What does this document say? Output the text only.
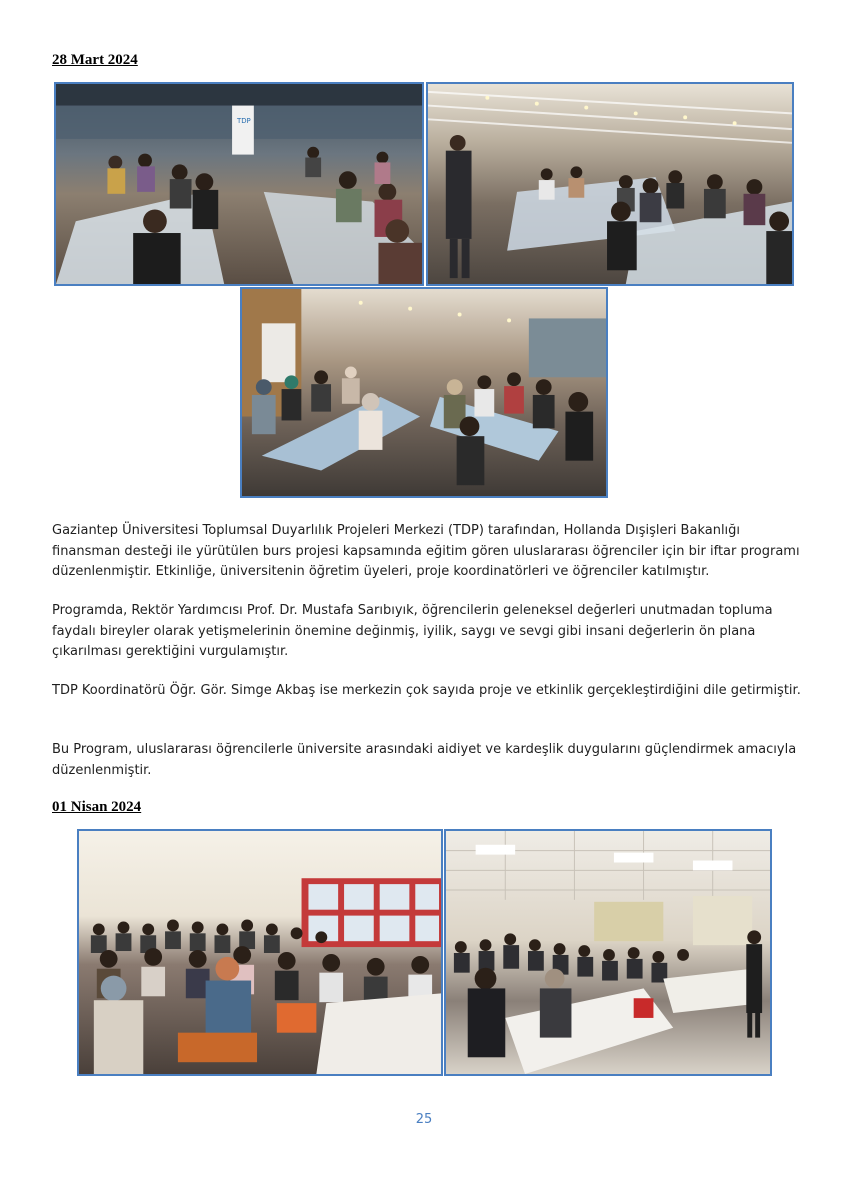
28 Mart 2024
TDP

Gaziantep Üniversitesi Toplumsal Duyarlılık Projeleri Merkezi (TDP) tarafından, Hollanda Dışişleri Bakanlığı finansman desteği ile yürütülen burs projesi kapsamında eğitim gören uluslararası öğrenciler için bir iftar programı düzenlenmiştir. Etkinliğe, üniversitenin öğretim üyeleri, proje koordinatörleri ve öğrenciler katılmıştır.

Programda, Rektör Yardımcısı Prof. Dr. Mustafa Sarıbıyık, öğrencilerin geleneksel değerleri unutmadan topluma faydalı bireyler olarak yetişmelerinin önemine değinmiş, iyilik, saygı ve sevgi gibi insani değerlerin ön plana çıkarılması gerektiğini vurgulamıştır.

TDP Koordinatörü Öğr. Gör. Simge Akbaş ise merkezin çok sayıda proje ve etkinlik gerçekleştirdiğini dile getirmiştir.

Bu Program, uluslararası öğrencilerle üniversite arasındaki aidiyet ve kardeşlik duygularını güçlendirmek amacıyla düzenlenmiştir.

01 Nisan 2024

25
